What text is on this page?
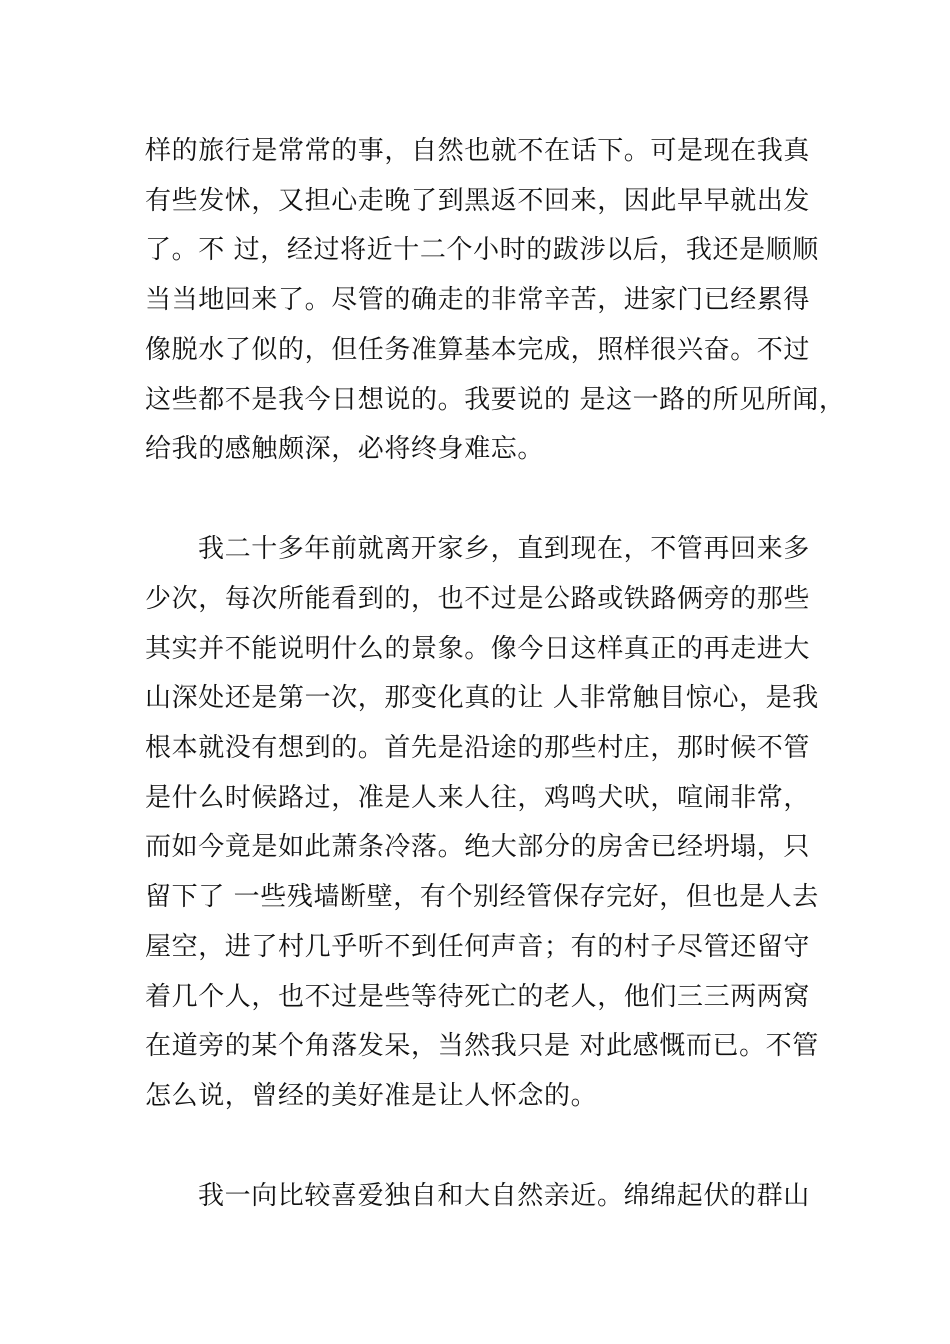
样的旅行是常常的事，自然也就不在话下。可是现在我真

有些发怵，又担心走晚了到黑返不回来，因此早早就出发

了。不 过，经过将近十二个小时的跋涉以后，我还是顺顺

当当地回来了。尽管的确走的非常辛苦，进家门已经累得

像脱水了似的，但任务准算基本完成，照样很兴奋。不过

这些都不是我今日想说的。我要说的 是这一路的所见所闻，

给我的感触颇深，必将终身难忘。

我二十多年前就离开家乡，直到现在，不管再回来多

少次，每次所能看到的，也不过是公路或铁路俩旁的那些

其实并不能说明什么的景象。像今日这样真正的再走进大

山深处还是第一次，那变化真的让 人非常触目惊心，是我

根本就没有想到的。首先是沿途的那些村庄，那时候不管

是什么时候路过，准是人来人往，鸡鸣犬吠，喧闹非常，

而如今竟是如此萧条冷落。绝大部分的房舍已经坍塌，只

留下了 一些残墙断壁，有个别经管保存完好，但也是人去

屋空，进了村几乎听不到任何声音；有的村子尽管还留守

着几个人，也不过是些等待死亡的老人，他们三三两两窝

在道旁的某个角落发呆，当然我只是 对此感慨而已。不管

怎么说，曾经的美好准是让人怀念的。

我一向比较喜爱独自和大自然亲近。绵绵起伏的群山
